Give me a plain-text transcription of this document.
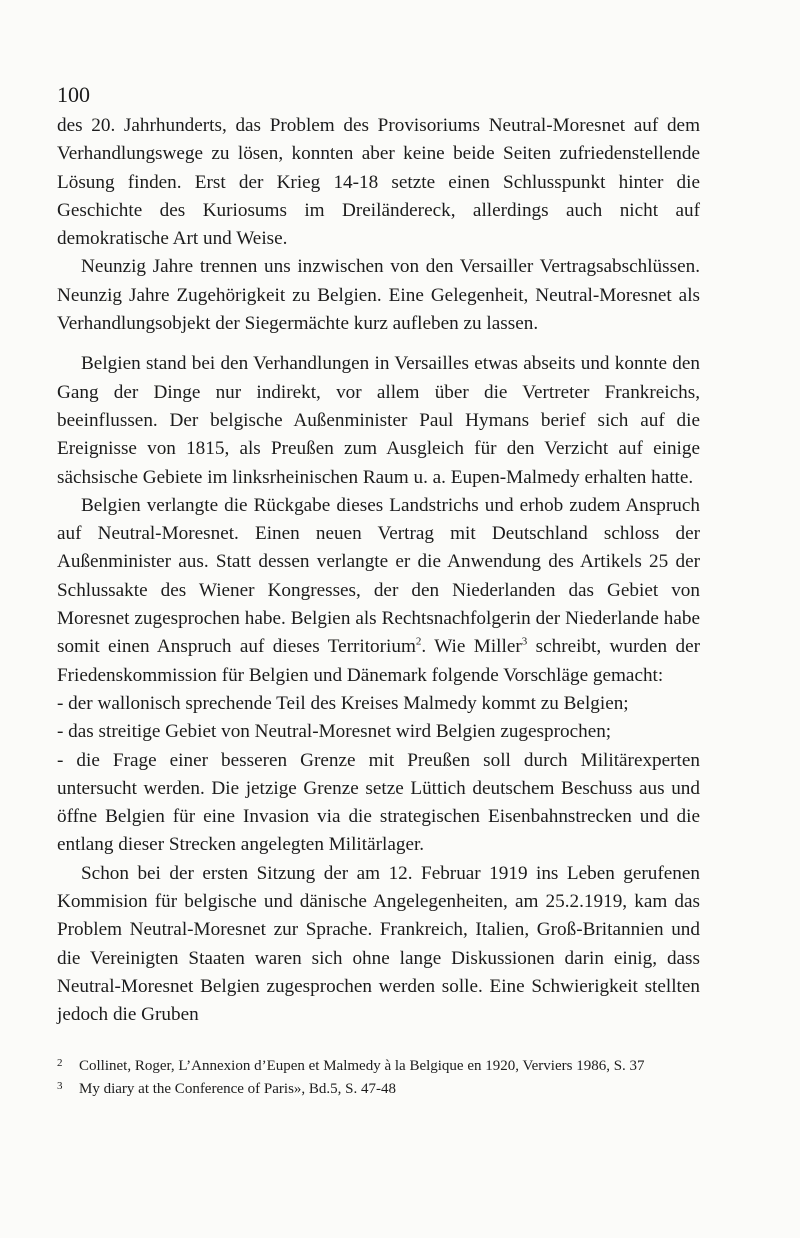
100

des 20. Jahrhunderts, das Problem des Provisoriums Neutral-Moresnet auf dem Verhandlungswege zu lösen, konnten aber keine beide Seiten zufriedenstellende Lösung finden. Erst der Krieg 14-18 setzte einen Schlusspunkt hinter die Geschichte des Kuriosums im Dreiländereck, allerdings auch nicht auf demokratische Art und Weise.

Neunzig Jahre trennen uns inzwischen von den Versailler Vertragsabschlüssen. Neunzig Jahre Zugehörigkeit zu Belgien. Eine Gelegenheit, Neutral-Moresnet als Verhandlungsobjekt der Siegermächte kurz aufleben zu lassen.

Belgien stand bei den Verhandlungen in Versailles etwas abseits und konnte den Gang der Dinge nur indirekt, vor allem über die Vertreter Frankreichs, beeinflussen. Der belgische Außenminister Paul Hymans berief sich auf die Ereignisse von 1815, als Preußen zum Ausgleich für den Verzicht auf einige sächsische Gebiete im linksrheinischen Raum u. a. Eupen-Malmedy erhalten hatte.

Belgien verlangte die Rückgabe dieses Landstrichs und erhob zudem Anspruch auf Neutral-Moresnet. Einen neuen Vertrag mit Deutschland schloss der Außenminister aus. Statt dessen verlangte er die Anwendung des Artikels 25 der Schlussakte des Wiener Kongresses, der den Niederlanden das Gebiet von Moresnet zugesprochen habe. Belgien als Rechtsnachfolgerin der Niederlande habe somit einen Anspruch auf dieses Territorium$^2$. Wie Miller$^3$ schreibt, wurden der Friedenskommission für Belgien und Dänemark folgende Vorschläge gemacht:

- der wallonisch sprechende Teil des Kreises Malmedy kommt zu Belgien;

- das streitige Gebiet von Neutral-Moresnet wird Belgien zugesprochen;

- die Frage einer besseren Grenze mit Preußen soll durch Militärexperten untersucht werden. Die jetzige Grenze setze Lüttich deutschem Beschuss aus und öffne Belgien für eine Invasion via die strategischen Eisenbahnstrecken und die entlang dieser Strecken angelegten Militärlager.

Schon bei der ersten Sitzung der am 12. Februar 1919 ins Leben gerufenen Kommision für belgische und dänische Angelegenheiten, am 25.2.1919, kam das Problem Neutral-Moresnet zur Sprache. Frankreich, Italien, Groß-Britannien und die Vereinigten Staaten waren sich ohne lange Diskussionen darin einig, dass Neutral-Moresnet Belgien zugesprochen werden solle. Eine Schwierigkeit stellten jedoch die Gruben

2	Collinet, Roger, L’Annexion d’Eupen et Malmedy à la Belgique en 1920, Verviers 1986, S. 37
3	My diary at the Conference of Paris», Bd.5, S. 47-48
